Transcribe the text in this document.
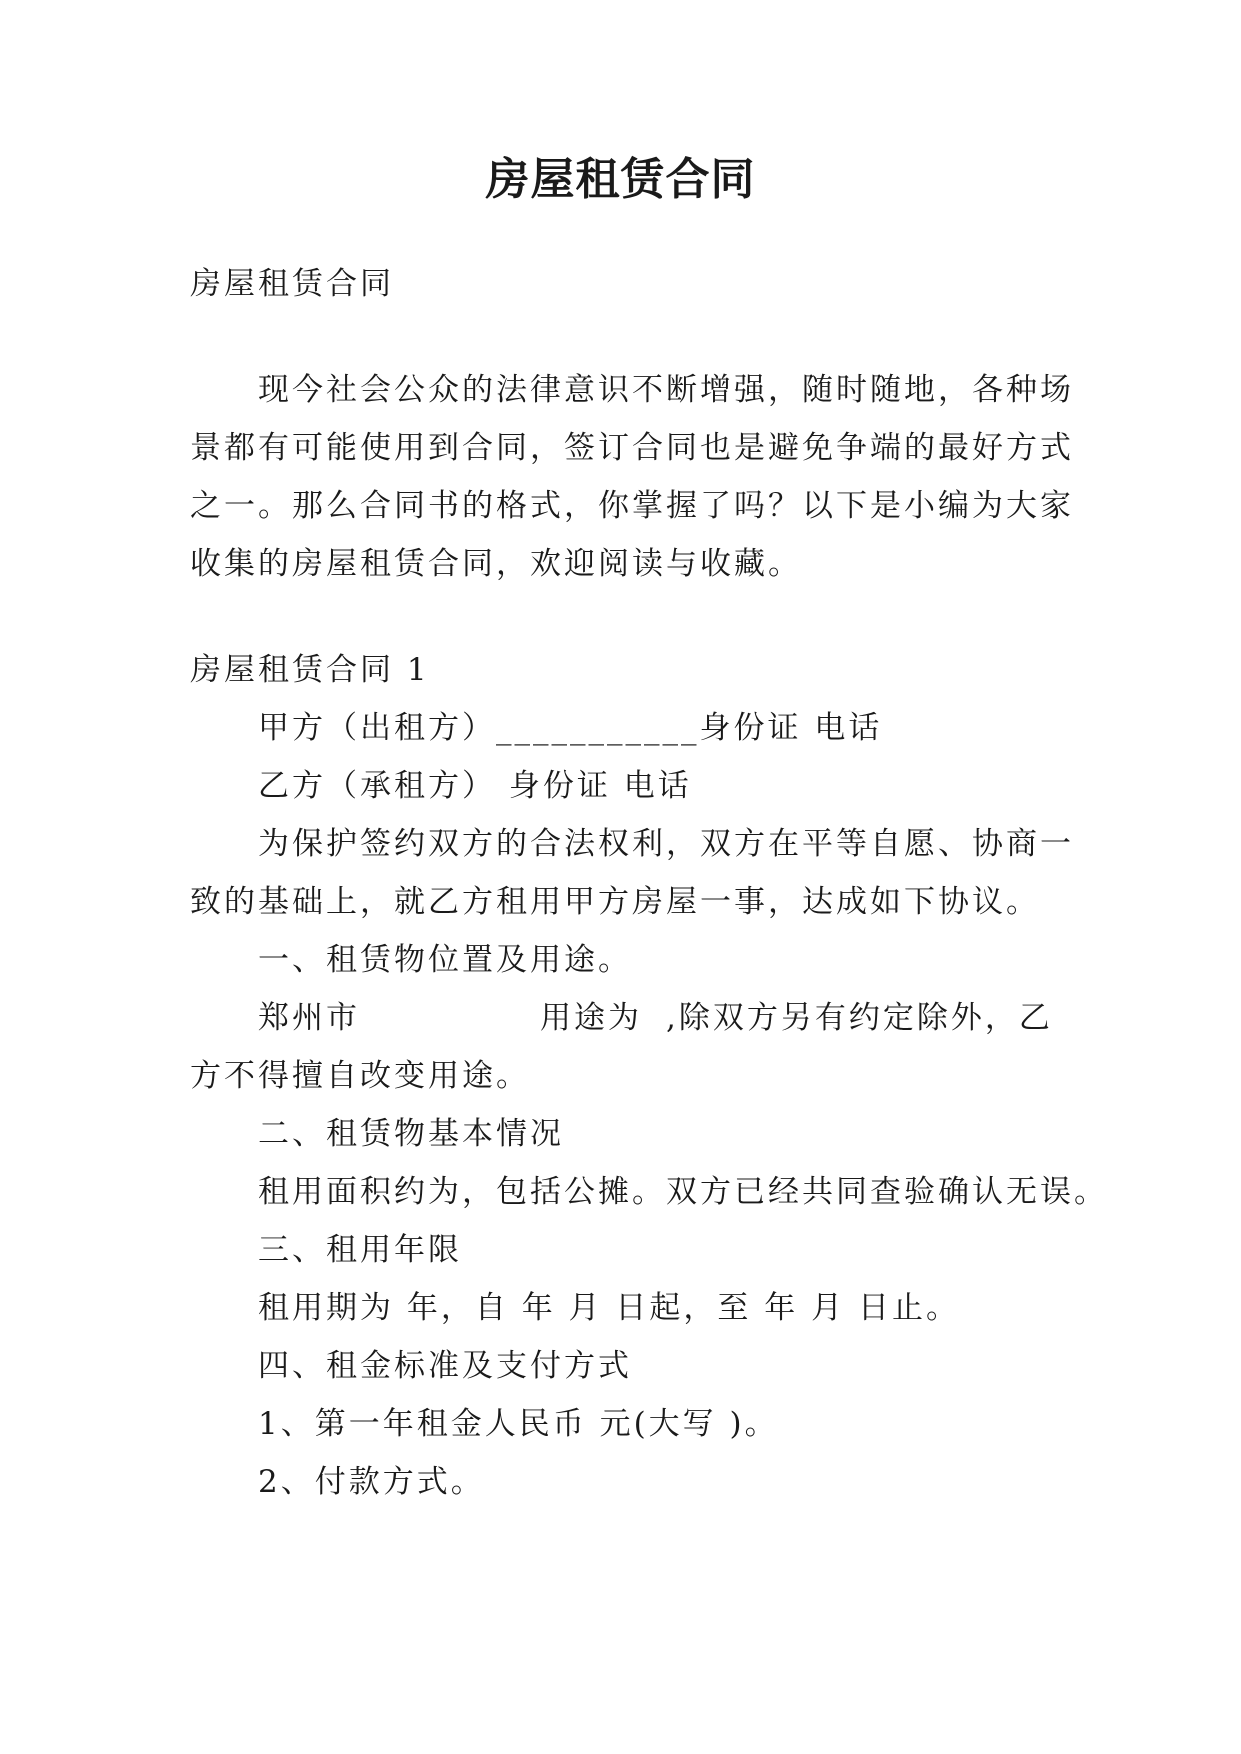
房屋租赁合同
房屋租赁合同
现今社会公众的法律意识不断增强，随时随地，各种场
景都有可能使用到合同，签订合同也是避免争端的最好方式
之一。那么合同书的格式，你掌握了吗？以下是小编为大家
收集的房屋租赁合同，欢迎阅读与收藏。
房屋租赁合同 1
甲方（出租方）___________身份证 电话
乙方（承租方） 身份证 电话
为保护签约双方的合法权利，双方在平等自愿、协商一
致的基础上，就乙方租用甲方房屋一事，达成如下协议。
一、租赁物位置及用途。
郑州市	用途为 ,除双方另有约定除外，乙
方不得擅自改变用途。
二、租赁物基本情况
租用面积约为，包括公摊。双方已经共同查验确认无误。
三、租用年限
租用期为 年，自 年 月 日起，至 年 月 日止。
四、租金标准及支付方式
1、第一年租金人民币 元(大写 )。
2、付款方式。
